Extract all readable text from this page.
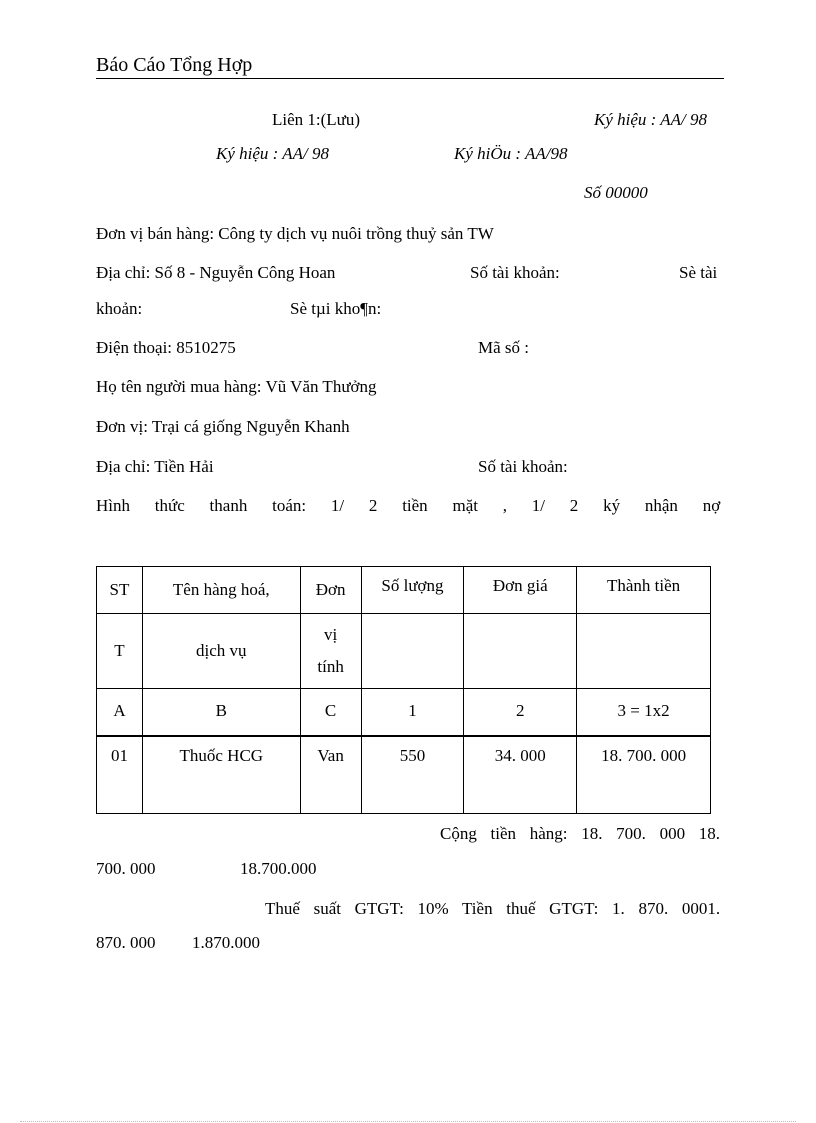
Báo Cáo Tổng Hợp
Liên 1:(Lưu)	Ký hiệu : AA/ 98
Ký hiệu : AA/ 98	Ký hiÖu : AA/98
Số 00000
Đơn vị bán hàng: Công ty dịch vụ nuôi trồng thuỷ sản TW
Địa chỉ: Số 8 - Nguyễn Công Hoan	Số tài khoản:	Sè tài
khoản:	Sè tµi kho¶n:
Điện thoại: 8510275	Mã số :
Họ tên người mua hàng: Vũ Văn Thưởng
Đơn vị: Trại cá giống Nguyễn Khanh
Địa chỉ: Tiền Hải	Số tài khoản:
Hình thức thanh toán: 1/ 2 tiền mặt , 1/ 2 ký nhận nợ
ST	Tên hàng hoá,	Đơn	Số lượng	Đơn giá	Thành tiền
T	dịch vụ	vị
tính			

A	B	C	1	2	3 = 1x2
01	Thuốc HCG	Van	550	34. 000	18. 700. 000
Cộng tiền hàng: 18. 700. 000 18.
700. 000	18.700.000
Thuế suất GTGT: 10% Tiền thuế GTGT: 1. 870. 0001.
870. 000 1.870.000
